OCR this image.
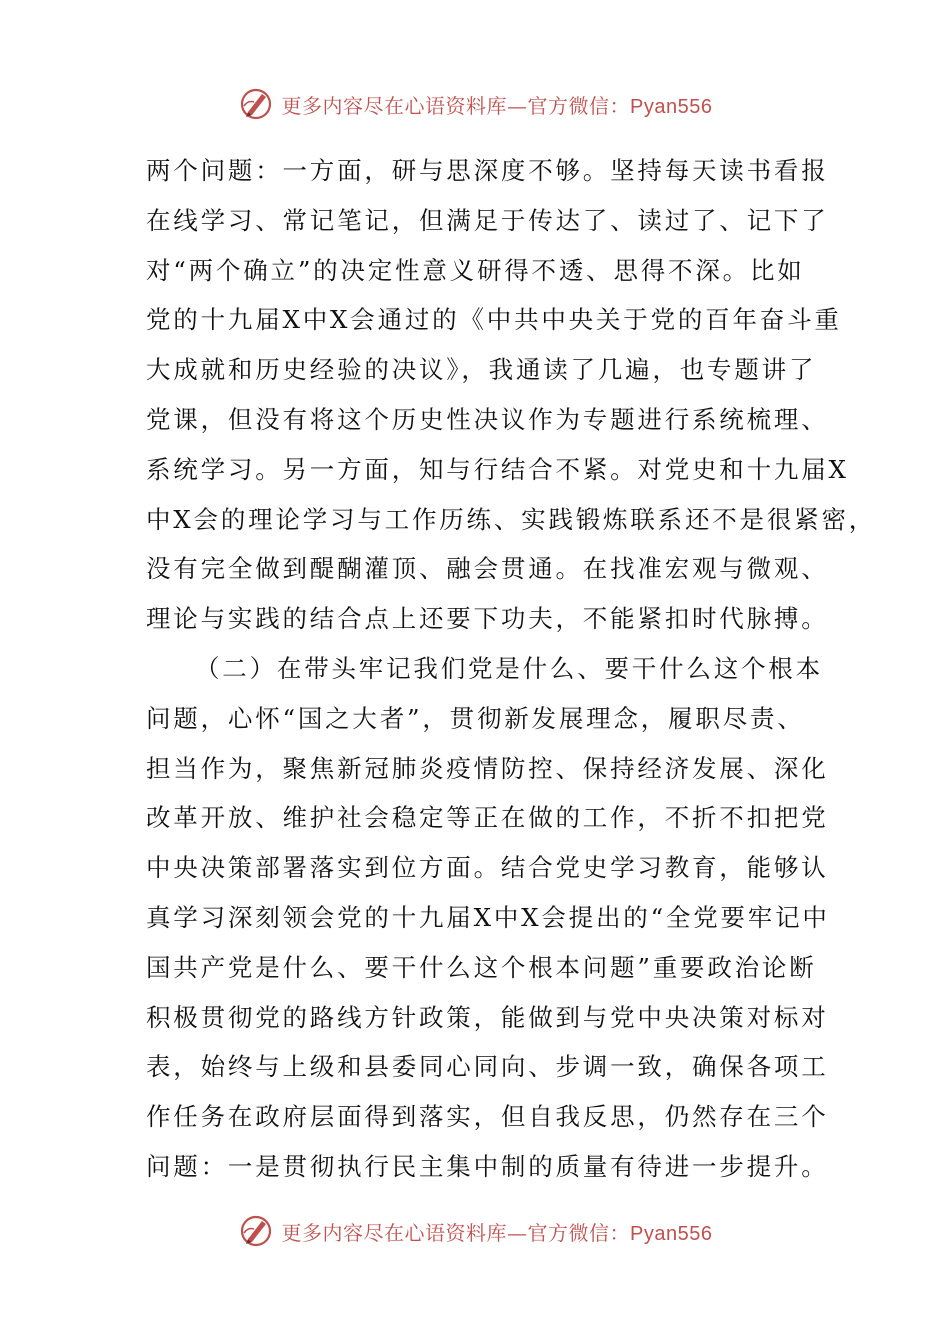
更多内容尽在心语资料库—官方微信：Pyan556
两个问题：一方面，研与思深度不够。坚持每天读书看报
在线学习、常记笔记，但满足于传达了、读过了、记下了
对“两个确立”的决定性意义研得不透、思得不深。比如
党的十九届X中X会通过的《中共中央关于党的百年奋斗重
大成就和历史经验的决议》，我通读了几遍，也专题讲了
党课，但没有将这个历史性决议作为专题进行系统梳理、
系统学习。另一方面，知与行结合不紧。对党史和十九届X
中X会的理论学习与工作历练、实践锻炼联系还不是很紧密，
没有完全做到醍醐灌顶、融会贯通。在找准宏观与微观、
理论与实践的结合点上还要下功夫，不能紧扣时代脉搏。
（二）在带头牢记我们党是什么、要干什么这个根本
问题，心怀“国之大者”，贯彻新发展理念，履职尽责、
担当作为，聚焦新冠肺炎疫情防控、保持经济发展、深化
改革开放、维护社会稳定等正在做的工作，不折不扣把党
中央决策部署落实到位方面。结合党史学习教育，能够认
真学习深刻领会党的十九届X中X会提出的“全党要牢记中
国共产党是什么、要干什么这个根本问题”重要政治论断
积极贯彻党的路线方针政策，能做到与党中央决策对标对
表，始终与上级和县委同心同向、步调一致，确保各项工
作任务在政府层面得到落实，但自我反思，仍然存在三个
问题：一是贯彻执行民主集中制的质量有待进一步提升。
更多内容尽在心语资料库—官方微信：Pyan556
